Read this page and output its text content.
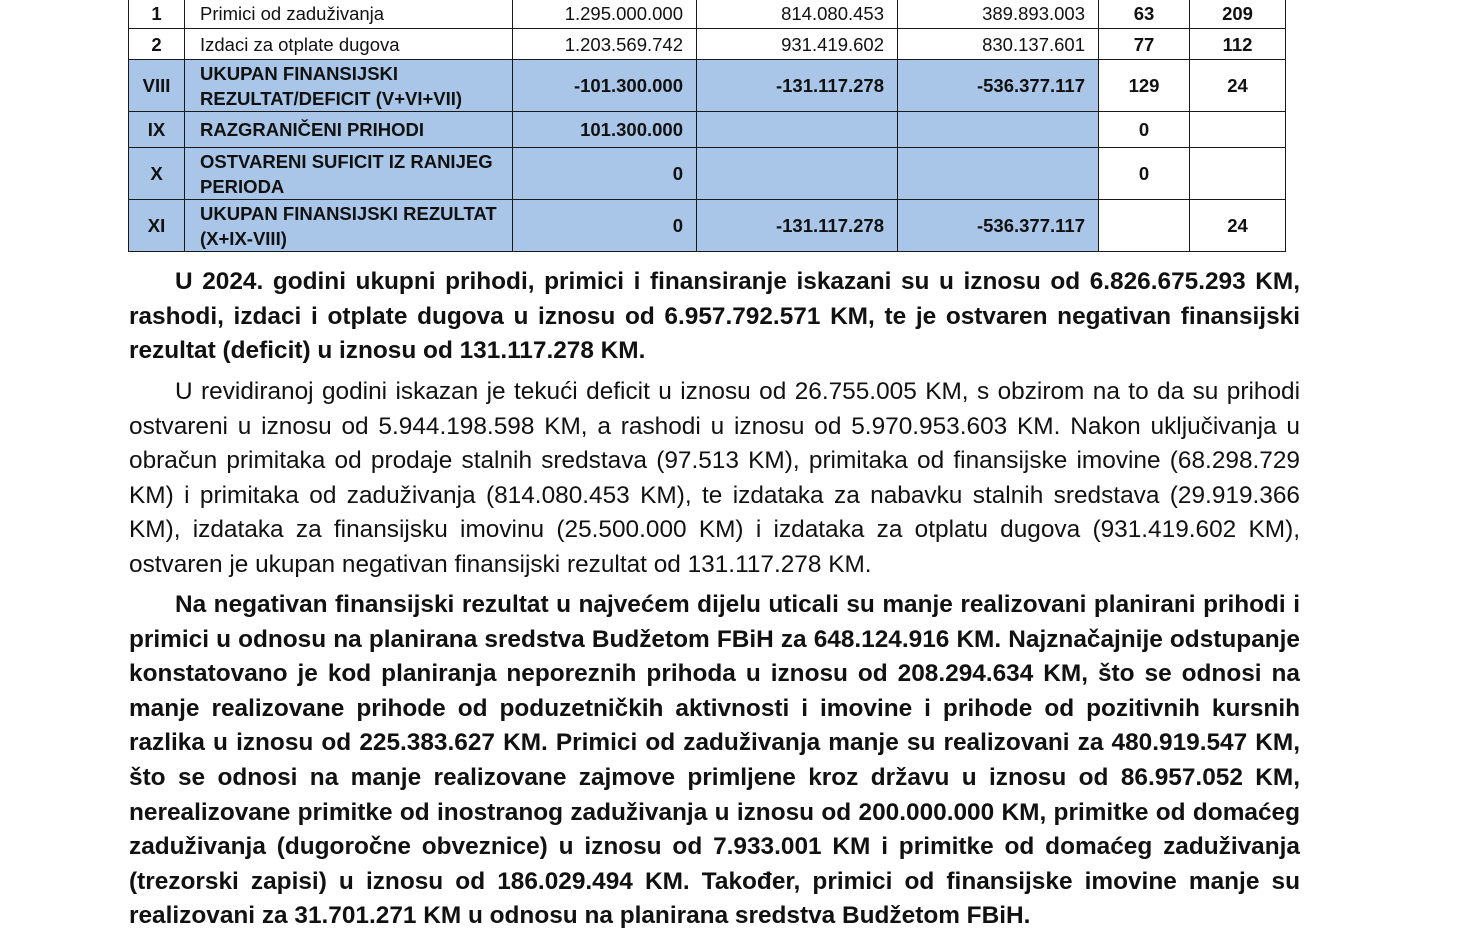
1	Primici od zaduživanja	1.295.000.000	814.080.453	389.893.003	63	209
2	Izdaci za otplate dugova	1.203.569.742	931.419.602	830.137.601	77	112
VIII	UKUPAN FINANSIJSKI REZULTAT/DEFICIT (V+VI+VII)	-101.300.000	-131.117.278	-536.377.117	129	24
IX	RAZGRANIČENI PRIHODI	101.300.000			0	
X	OSTVARENI SUFICIT IZ RANIJEG PERIODA	0			0	
XI	UKUPAN FINANSIJSKI REZULTAT (X+IX-VIII)	0	-131.117.278	-536.377.117		24

U 2024. godini ukupni prihodi, primici i finansiranje iskazani su u iznosu od 6.826.675.293 KM, rashodi, izdaci i otplate dugova u iznosu od 6.957.792.571 KM, te je ostvaren negativan finansijski rezultat (deficit) u iznosu od 131.117.278 KM.

U revidiranoj godini iskazan je tekući deficit u iznosu od 26.755.005 KM, s obzirom na to da su prihodi ostvareni u iznosu od 5.944.198.598 KM, a rashodi u iznosu od 5.970.953.603 KM. Nakon uključivanja u obračun primitaka od prodaje stalnih sredstava (97.513 KM), primitaka od finansijske imovine (68.298.729 KM) i primitaka od zaduživanja (814.080.453 KM), te izdataka za nabavku stalnih sredstava (29.919.366 KM), izdataka za finansijsku imovinu (25.500.000 KM) i izdataka za otplatu dugova (931.419.602 KM), ostvaren je ukupan negativan finansijski rezultat od 131.117.278 KM.

Na negativan finansijski rezultat u najvećem dijelu uticali su manje realizovani planirani prihodi i primici u odnosu na planirana sredstva Budžetom FBiH za 648.124.916 KM. Najznačajnije odstupanje konstatovano je kod planiranja neporeznih prihoda u iznosu od 208.294.634 KM, što se odnosi na manje realizovane prihode od poduzetničkih aktivnosti i imovine i prihode od pozitivnih kursnih razlika u iznosu od 225.383.627 KM. Primici od zaduživanja manje su realizovani za 480.919.547 KM, što se odnosi na manje realizovane zajmove primljene kroz državu u iznosu od 86.957.052 KM, nerealizovane primitke od inostranog zaduživanja u iznosu od 200.000.000 KM, primitke od domaćeg zaduživanja (dugoročne obveznice) u iznosu od 7.933.001 KM i primitke od domaćeg zaduživanja (trezorski zapisi) u iznosu od 186.029.494 KM. Također, primici od finansijske imovine manje su realizovani za 31.701.271 KM u odnosu na planirana sredstva Budžetom FBiH.
